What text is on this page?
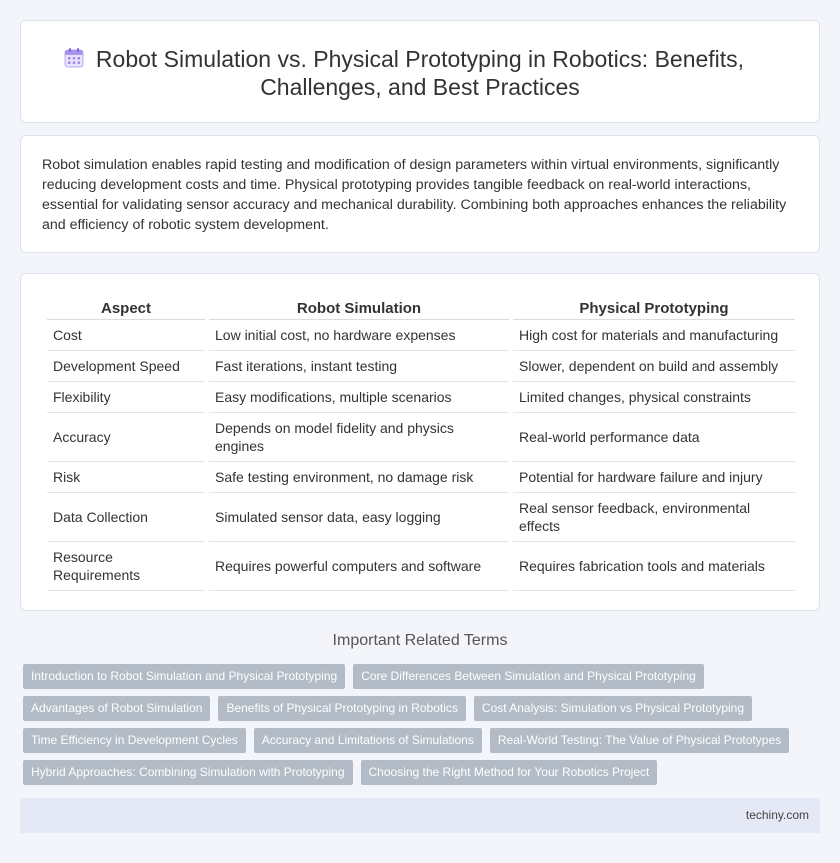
Robot Simulation vs. Physical Prototyping in Robotics: Benefits, Challenges, and Best Practices

Robot simulation enables rapid testing and modification of design parameters within virtual environments, significantly reducing development costs and time. Physical prototyping provides tangible feedback on real-world interactions, essential for validating sensor accuracy and mechanical durability. Combining both approaches enhances the reliability and efficiency of robotic system development.

Aspect	Robot Simulation	Physical Prototyping
Cost	Low initial cost, no hardware expenses	High cost for materials and manufacturing
Development Speed	Fast iterations, instant testing	Slower, dependent on build and assembly
Flexibility	Easy modifications, multiple scenarios	Limited changes, physical constraints
Accuracy	Depends on model fidelity and physics engines	Real-world performance data
Risk	Safe testing environment, no damage risk	Potential for hardware failure and injury
Data Collection	Simulated sensor data, easy logging	Real sensor feedback, environmental effects
Resource Requirements	Requires powerful computers and software	Requires fabrication tools and materials
Important Related Terms
Introduction to Robot Simulation and Physical Prototyping	Core Differences Between Simulation and Physical Prototyping
Advantages of Robot Simulation	Benefits of Physical Prototyping in Robotics	Cost Analysis: Simulation vs Physical Prototyping
Time Efficiency in Development Cycles	Accuracy and Limitations of Simulations	Real-World Testing: The Value of Physical Prototypes
Hybrid Approaches: Combining Simulation with Prototyping	Choosing the Right Method for Your Robotics Project
techiny.com
